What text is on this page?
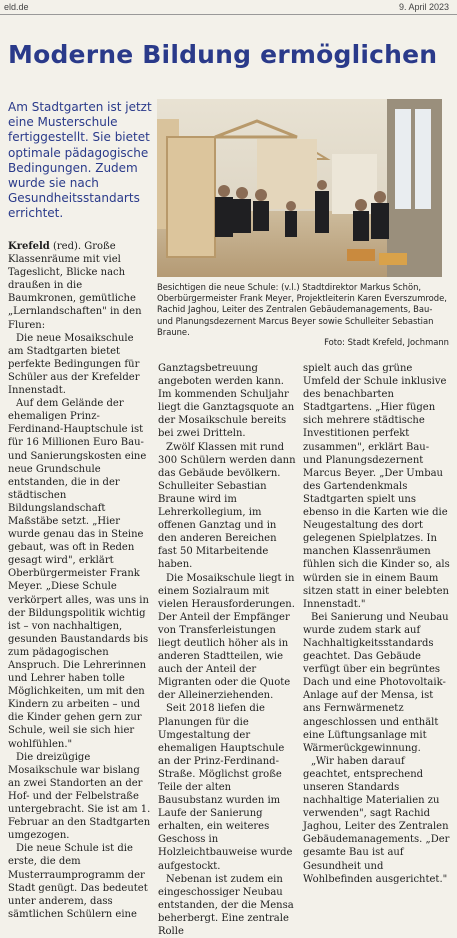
eld.de	9. April 2023
Moderne Bildung ermöglichen
Am Stadtgarten ist jetzt eine Musterschule fertiggestellt. Sie bietet optimale pädagogische Bedingungen. Zudem wurde sie nach Gesundheitsstandarts errichtet.
Besichtigen die neue Schule: (v.l.) Stadtdirektor Markus Schön, Oberbürgermeister Frank Meyer, Projektleiterin Karen Everszumrode, Rachid Jaghou, Leiter des Zentralen Gebäudemanagements, Bau- und Planungsdezernent Marcus Beyer sowie Schulleiter Sebastian Braune.
Foto: Stadt Krefeld, Jochmann

Krefeld (red). Große Klassenräume mit viel Tageslicht, Blicke nach draußen in die Baumkronen, gemütliche „Lernlandschaften" in den Fluren:

Die neue Mosaikschule am Stadtgarten bietet perfekte Bedingungen für Schüler aus der Krefelder Innenstadt.

Auf dem Gelände der ehemaligen Prinz-Ferdinand-Hauptschule ist für 16 Millionen Euro Bau- und Sanierungskosten eine neue Grundschule entstanden, die in der städtischen Bildungslandschaft Maßstäbe setzt. „Hier wurde genau das in Steine gebaut, was oft in Reden gesagt wird", erklärt Oberbürgermeister Frank Meyer. „Diese Schule verkörpert alles, was uns in der Bildungspolitik wichtig ist – von nachhaltigen, gesunden Baustandards bis zum pädagogischen Anspruch. Die Lehrerinnen und Lehrer haben tolle Möglichkeiten, um mit den Kindern zu arbeiten – und die Kinder gehen gern zur Schule, weil sie sich hier wohlfühlen."

Die dreizügige Mosaikschule war bislang an zwei Standorten an der Hof- und der Felbelstraße untergebracht. Sie ist am 1. Februar an den Stadtgarten umgezogen.

Die neue Schule ist die erste, die dem Musterraumprogramm der Stadt genügt. Das bedeutet unter anderem, dass sämtlichen Schülern eine

Ganztagsbetreuung angeboten werden kann. Im kommenden Schuljahr liegt die Ganztagsquote an der Mosaikschule bereits bei zwei Dritteln.

Zwölf Klassen mit rund 300 Schülern werden dann das Gebäude bevölkern. Schulleiter Sebastian Braune wird im Lehrerkollegium, im offenen Ganztag und in den anderen Bereichen fast 50 Mitarbeitende haben.

Die Mosaikschule liegt in einem Sozialraum mit vielen Herausforderungen. Der Anteil der Empfänger von Transferleistungen liegt deutlich höher als in anderen Stadtteilen, wie auch der Anteil der Migranten oder die Quote der Alleinerziehenden.

Seit 2018 liefen die Planungen für die Umgestaltung der ehemaligen Hauptschule an der Prinz-Ferdinand-Straße. Möglichst große Teile der alten Bausubstanz wurden im Laufe der Sanierung erhalten, ein weiteres Geschoss in Holzleichtbauweise wurde aufgestockt.

Nebenan ist zudem ein eingeschossiger Neubau entstanden, der die Mensa beherbergt. Eine zentrale Rolle

spielt auch das grüne Umfeld der Schule inklusive des benachbarten Stadtgartens. „Hier fügen sich mehrere städtische Investitionen perfekt zusammen", erklärt Bau- und Planungsdezernent Marcus Beyer. „Der Umbau des Gartendenkmals Stadtgarten spielt uns ebenso in die Karten wie die Neugestaltung des dort gelegenen Spielplatzes. In manchen Klassenräumen fühlen sich die Kinder so, als würden sie in einem Baum sitzen statt in einer belebten Innenstadt."

Bei Sanierung und Neubau wurde zudem stark auf Nachhaltigkeitsstandards geachtet. Das Gebäude verfügt über ein begrüntes Dach und eine Photovoltaik-Anlage auf der Mensa, ist ans Fernwärmenetz angeschlossen und enthält eine Lüftungsanlage mit Wärmerückgewinnung.

„Wir haben darauf geachtet, entsprechend unseren Standards nachhaltige Materialien zu verwenden", sagt Rachid Jaghou, Leiter des Zentralen Gebäudemanagements. „Der gesamte Bau ist auf Gesundheit und Wohlbefinden ausgerichtet."
